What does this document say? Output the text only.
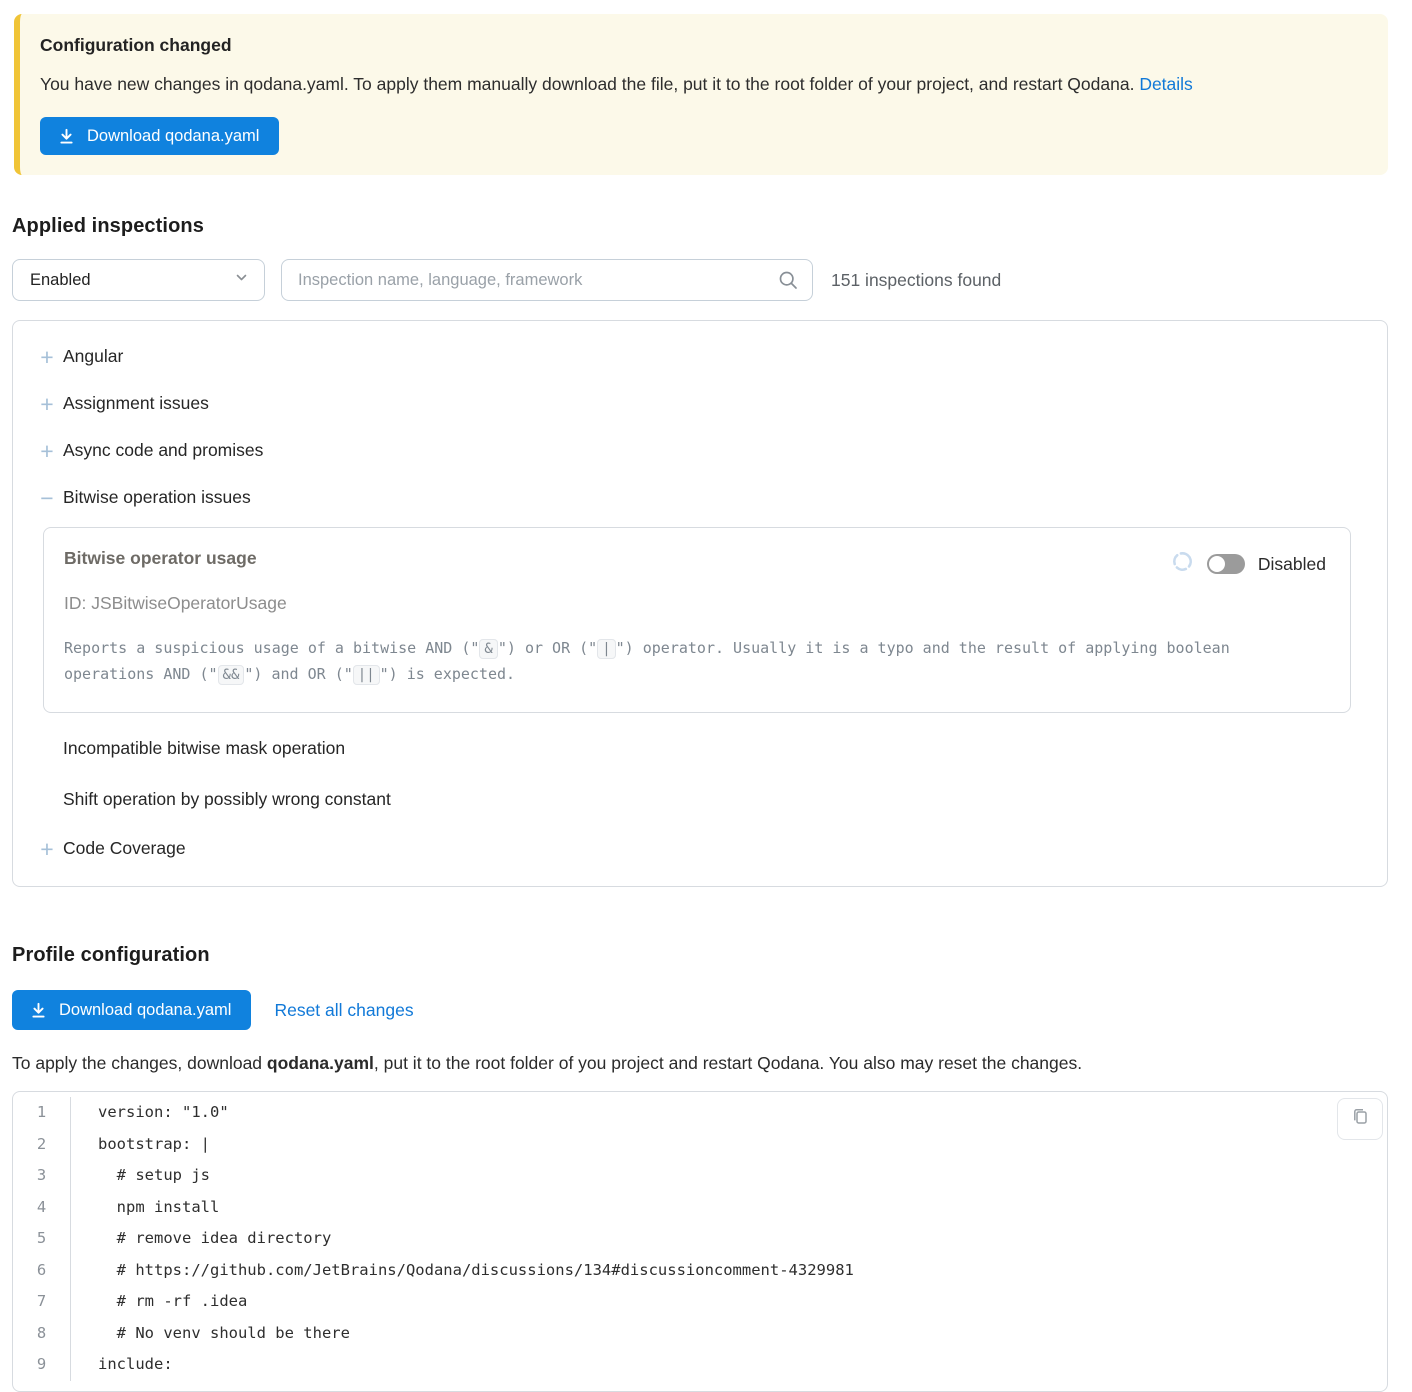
Configuration changed
You have new changes in qodana.yaml. To apply them manually download the file, put it to the root folder of your project, and restart Qodana. Details
Download qodana.yaml
Applied inspections
Enabled
Inspection name, language, framework	151 inspections found
+ Angular
+ Assignment issues
+ Async code and promises
− Bitwise operation issues
Bitwise operator usage	Disabled
ID: JSBitwiseOperatorUsage
Reports a suspicious usage of a bitwise AND (" & ") or OR (" | ") operator. Usually it is a typo and the result of applying boolean operations AND (" && ") and OR (" || ") is expected.
Incompatible bitwise mask operation
Shift operation by possibly wrong constant
+ Code Coverage
Profile configuration
Download qodana.yaml Reset all changes

To apply the changes, download qodana.yaml, put it to the root folder of you project and restart Qodana. You also may reset the changes.

1	version: "1.0"
2	bootstrap: |
3	# setup js
4	npm install
5	# remove idea directory
6	# https://github.com/JetBrains/Qodana/discussions/134#discussioncomment-4329981
7	# rm -rf .idea
8	# No venv should be there
9	include:
